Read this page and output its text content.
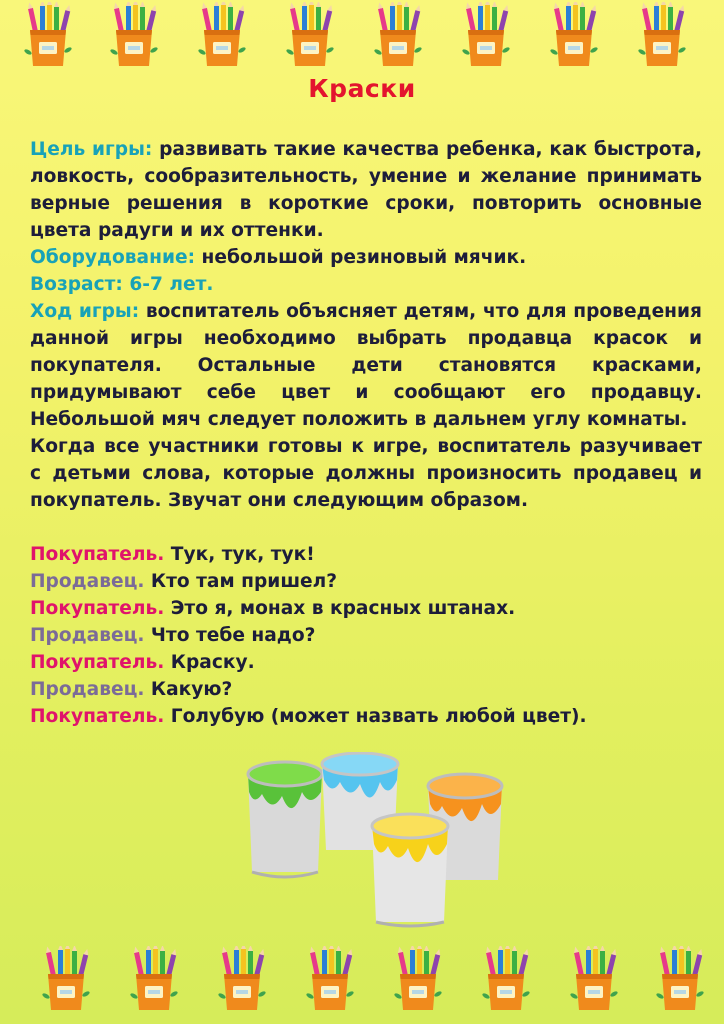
Краски

Цель игры: развивать такие качества ребенка, как быстрота, ловкость, сообразительность, умение и желание принимать верные решения в короткие сроки, повторить основные цвета радуги и их оттенки.

Оборудование: небольшой резиновый мячик.

Возраст: 6-7 лет.

Ход игры: воспитатель объясняет детям, что для проведения данной игры необходимо выбрать продавца красок и покупателя. Остальные дети становятся красками, придумывают себе цвет и сообщают его продавцу. Небольшой мяч следует положить в дальнем углу комнаты.

Когда все участники готовы к игре, воспитатель разучивает с детьми слова, которые должны произносить продавец и покупатель. Звучат они следующим образом.

Покупатель. Тук, тук, тук!

Продавец. Кто там пришел?

Покупатель. Это я, монах в красных штанах.

Продавец. Что тебе надо?

Покупатель. Краску.

Продавец. Какую?

Покупатель. Голубую (может назвать любой цвет).
